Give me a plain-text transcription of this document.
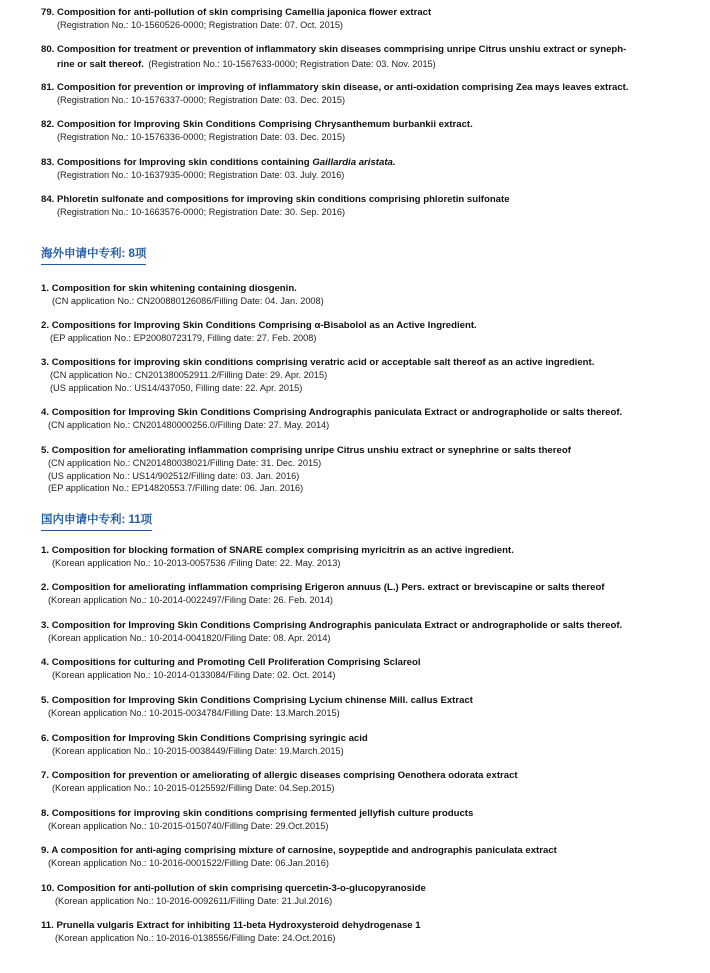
79. Composition for anti-pollution of skin comprising Camellia japonica flower extract
(Registration No.: 10-1560526-0000; Registration Date: 07. Oct. 2015)
80. Composition for treatment or prevention of inflammatory skin diseases commprising unripe Citrus unshiu extract or syneph-
rine or salt thereof. (Registration No.: 10-1567633-0000; Registration Date: 03. Nov. 2015)
81. Composition for prevention or improving of inflammatory skin disease, or anti-oxidation comprising Zea mays leaves extract.
(Registration No.: 10-1576337-0000; Registration Date: 03. Dec. 2015)
82. Composition for Improving Skin Conditions Comprising Chrysanthemum burbankii extract.
(Registration No.: 10-1576336-0000; Registration Date: 03. Dec. 2015)
83. Compositions for Improving skin conditions containing Gaillardia aristata.
(Registration No.: 10-1637935-0000; Registration Date: 03. July. 2016)
84. Phloretin sulfonate and compositions for improving skin conditions comprising phloretin sulfonate
(Registration No.: 10-1663576-0000; Registration Date: 30. Sep. 2016)
海外申请中专利: 8项
1. Composition for skin whitening containing diosgenin.
(CN application No.: CN200880126086/Filling Date: 04. Jan. 2008)
2. Compositions for Improving Skin Conditions Comprising α-Bisabolol as an Active Ingredient.
(EP application No.: EP20080723179, Filling date: 27. Feb. 2008)
3. Compositions for improving skin conditions comprising veratric acid or acceptable salt thereof as an active ingredient.
(CN application No.: CN201380052911.2/Filling Date: 29. Apr. 2015)
(US application No.: US14/437050, Filling date: 22. Apr. 2015)
4. Composition for Improving Skin Conditions Comprising Andrographis paniculata Extract or andrographolide or salts thereof.
(CN application No.: CN201480000256.0/Filling Date: 27. May. 2014)
5. Composition for ameliorating inflammation comprising unripe Citrus unshiu extract or synephrine or salts thereof
(CN application No.: CN201480038021/Filling Date: 31. Dec. 2015)
(US application No.: US14/902512/Filling date: 03. Jan. 2016)
(EP application No.: EP14820553.7/Filling date: 06. Jan. 2016)
国内申请中专利: 11项
1. Composition for blocking formation of SNARE complex comprising myricitrin as an active ingredient.
(Korean application No.: 10-2013-0057536 /Filing Date: 22. May. 2013)
2. Composition for ameliorating inflammation comprising Erigeron annuus (L.) Pers. extract or breviscapine or salts thereof
(Korean application No.: 10-2014-0022497/Filing Date: 26. Feb. 2014)
3. Composition for Improving Skin Conditions Comprising Andrographis paniculata Extract or andrographolide or salts thereof.
(Korean application No.: 10-2014-0041820/Filing Date: 08. Apr. 2014)
4. Compositions for culturing and Promoting Cell Proliferation Comprising Sclareol
(Korean application No.: 10-2014-0133084/Filing Date: 02. Oct. 2014)
5. Composition for Improving Skin Conditions Comprising Lycium chinense Mill. callus Extract
(Korean application No.: 10-2015-0034784/Filling Date: 13.March.2015)
6. Composition for Improving Skin Conditions Comprising syringic acid
(Korean application No.: 10-2015-0038449/Filling Date: 19.March.2015)
7. Composition for prevention or ameliorating of allergic diseases comprising Oenothera odorata extract
(Korean application No.: 10-2015-0125592/Filling Date: 04.Sep.2015)
8. Compositions for improving skin conditions comprising fermented jellyfish culture products
(Korean application No.: 10-2015-0150740/Filling Date: 29.Oct.2015)
9. A composition for anti-aging comprising mixture of carnosine, soypeptide and andrographis paniculata extract
(Korean application No.: 10-2016-0001522/Filling Date: 06.Jan.2016)
10. Composition for anti-pollution of skin comprising quercetin-3-o-glucopyranoside
(Korean application No.: 10-2016-0092611/Filling Date: 21.Jul.2016)
11. Prunella vulgaris Extract for inhibiting 11-beta Hydroxysteroid dehydrogenase 1
(Korean application No.: 10-2016-0138556/Filling Date: 24.Oct.2016)
